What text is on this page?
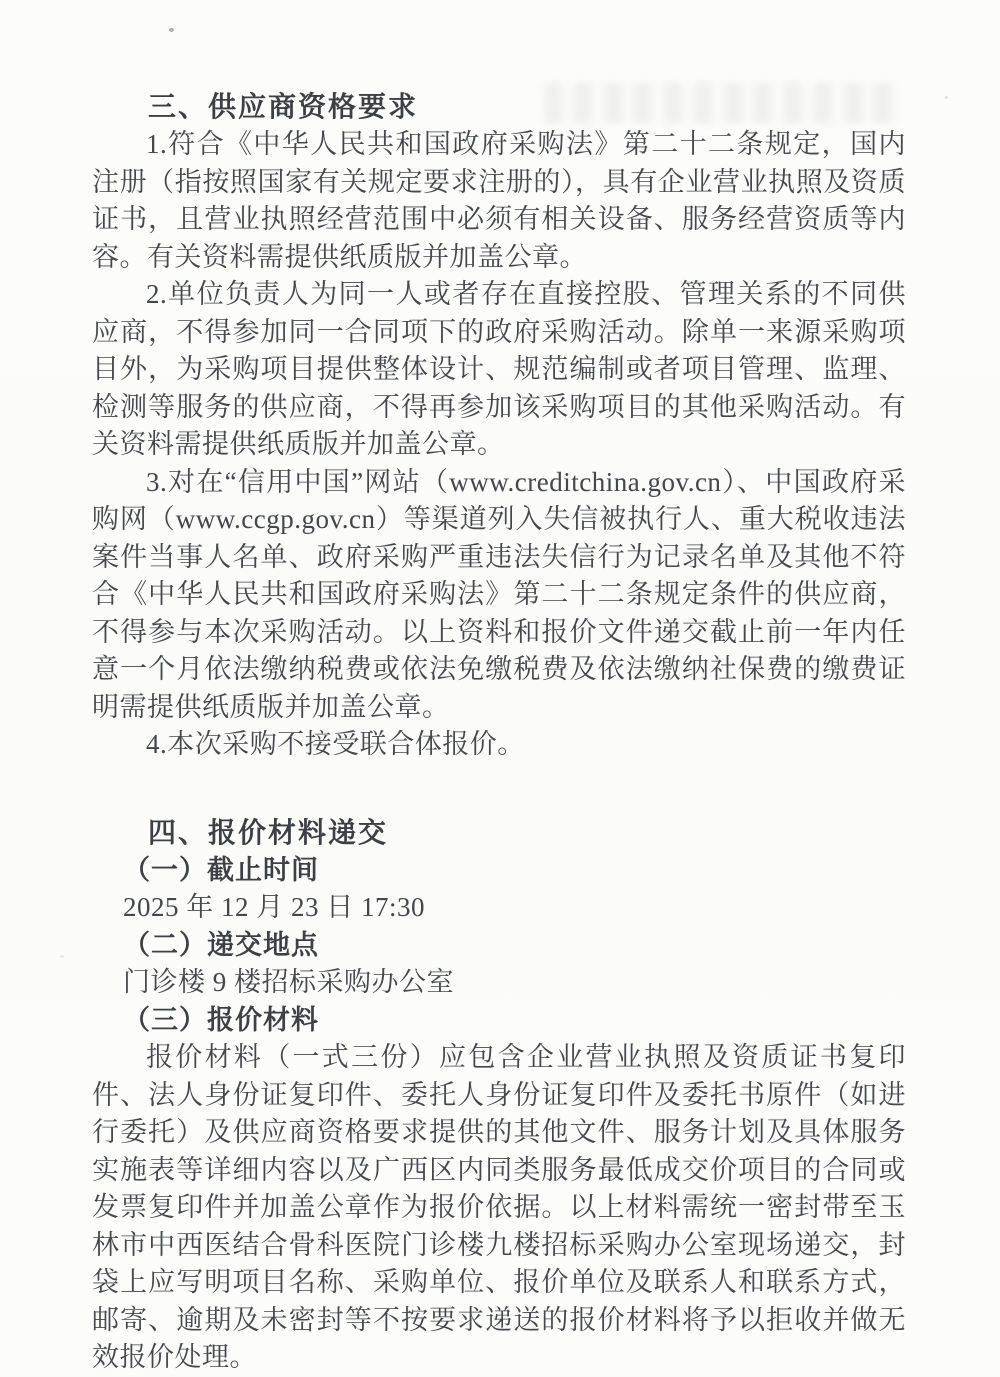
三、供应商资格要求

1.符合《中华人民共和国政府采购法》第二十二条规定，国内注册（指按照国家有关规定要求注册的），具有企业营业执照及资质证书，且营业执照经营范围中必须有相关设备、服务经营资质等内容。有关资料需提供纸质版并加盖公章。

2.单位负责人为同一人或者存在直接控股、管理关系的不同供应商，不得参加同一合同项下的政府采购活动。除单一来源采购项目外，为采购项目提供整体设计、规范编制或者项目管理、监理、检测等服务的供应商，不得再参加该采购项目的其他采购活动。有关资料需提供纸质版并加盖公章。

3.对在“信用中国”网站（www.creditchina.gov.cn）、中国政府采购网（www.ccgp.gov.cn）等渠道列入失信被执行人、重大税收违法案件当事人名单、政府采购严重违法失信行为记录名单及其他不符合《中华人民共和国政府采购法》第二十二条规定条件的供应商，不得参与本次采购活动。以上资料和报价文件递交截止前一年内任意一个月依法缴纳税费或依法免缴税费及依法缴纳社保费的缴费证明需提供纸质版并加盖公章。

4.本次采购不接受联合体报价。

四、报价材料递交

（一）截止时间

2025 年 12 月 23 日 17:30

（二）递交地点

门诊楼 9 楼招标采购办公室

（三）报价材料

报价材料（一式三份）应包含企业营业执照及资质证书复印件、法人身份证复印件、委托人身份证复印件及委托书原件（如进行委托）及供应商资格要求提供的其他文件、服务计划及具体服务实施表等详细内容以及广西区内同类服务最低成交价项目的合同或发票复印件并加盖公章作为报价依据。以上材料需统一密封带至玉林市中西医结合骨科医院门诊楼九楼招标采购办公室现场递交，封袋上应写明项目名称、采购单位、报价单位及联系人和联系方式，邮寄、逾期及未密封等不按要求递送的报价材料将予以拒收并做无效报价处理。
